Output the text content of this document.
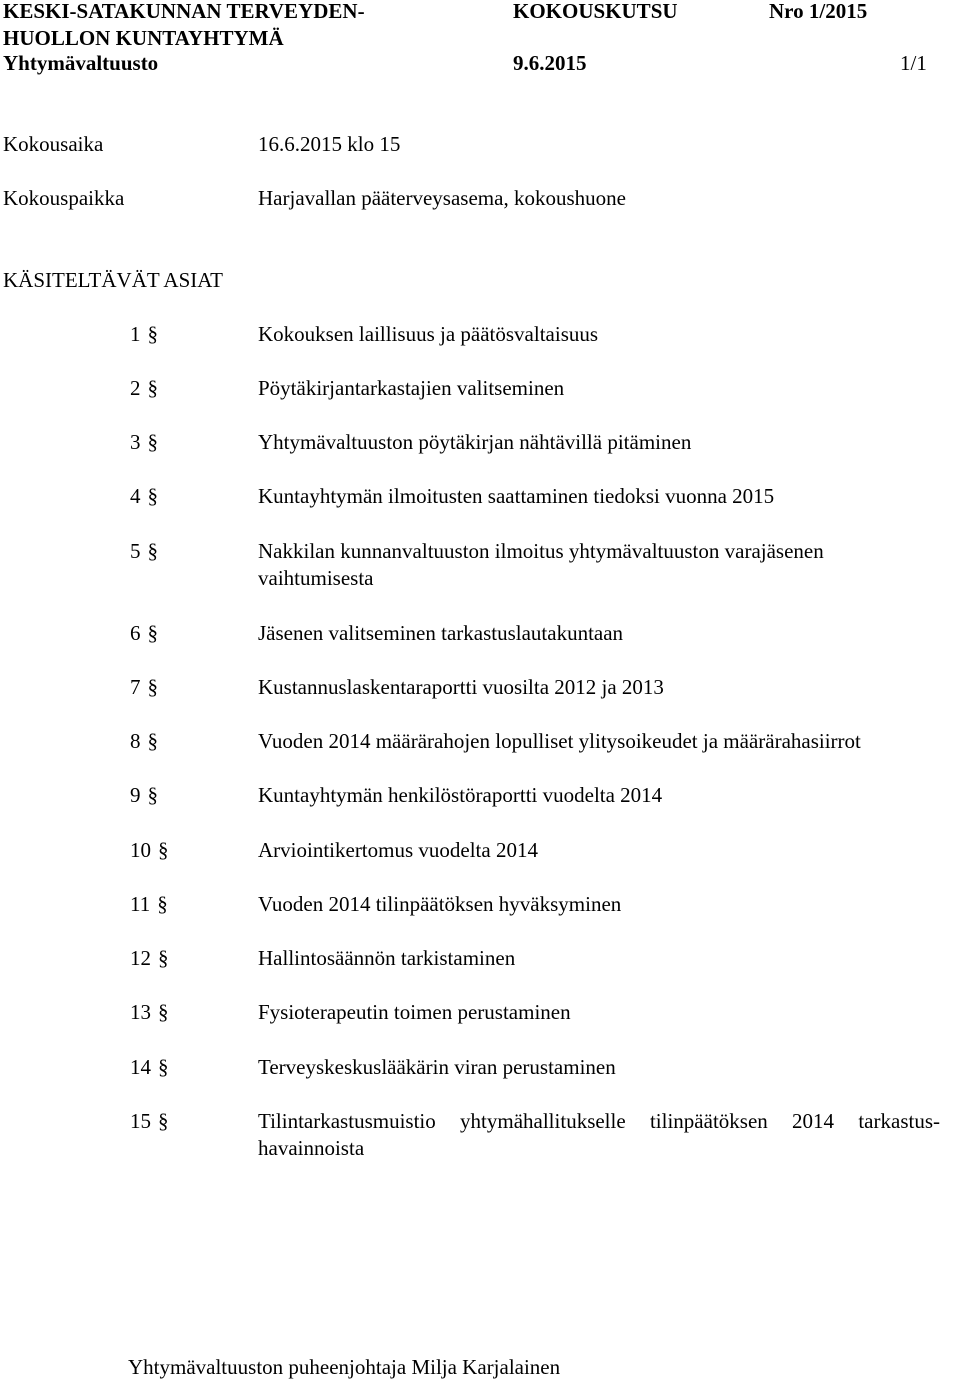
KESKI-SATAKUNNAN TERVEYDEN-
HUOLLON KUNTAYHTYMÄ
KOKOUSKUTSU	Nro 1/2015
Yhtymävaltuusto	9.6.2015	1/1
Kokousaika	16.6.2015 klo 15
Kokouspaikka	Harjavallan pääterveysasema, kokoushuone
KÄSITELTÄVÄT ASIAT
1 §	Kokouksen laillisuus ja päätösvaltaisuus
2 §	Pöytäkirjantarkastajien valitseminen
3 §	Yhtymävaltuuston pöytäkirjan nähtävillä pitäminen
4 §	Kuntayhtymän ilmoitusten saattaminen tiedoksi vuonna 2015
5 §	Nakkilan kunnanvaltuuston ilmoitus yhtymävaltuuston varajäsenen vaihtumisesta
6 §	Jäsenen valitseminen tarkastuslautakuntaan
7 §	Kustannuslaskentaraportti vuosilta 2012 ja 2013
8 §	Vuoden 2014 määrärahojen lopulliset ylitysoikeudet ja määrärahasiirrot
9 §	Kuntayhtymän henkilöstöraportti vuodelta 2014
10 §	Arviointikertomus vuodelta 2014
11 §	Vuoden 2014 tilinpäätöksen hyväksyminen
12 §	Hallintosäännön tarkistaminen
13 §	Fysioterapeutin toimen perustaminen
14 §	Terveyskeskuslääkärin viran perustaminen
15 §	Tilintarkastusmuistio yhtymähallitukselle tilinpäätöksen 2014 tarkastus-havainnoista
Yhtymävaltuuston puheenjohtaja Milja Karjalainen
